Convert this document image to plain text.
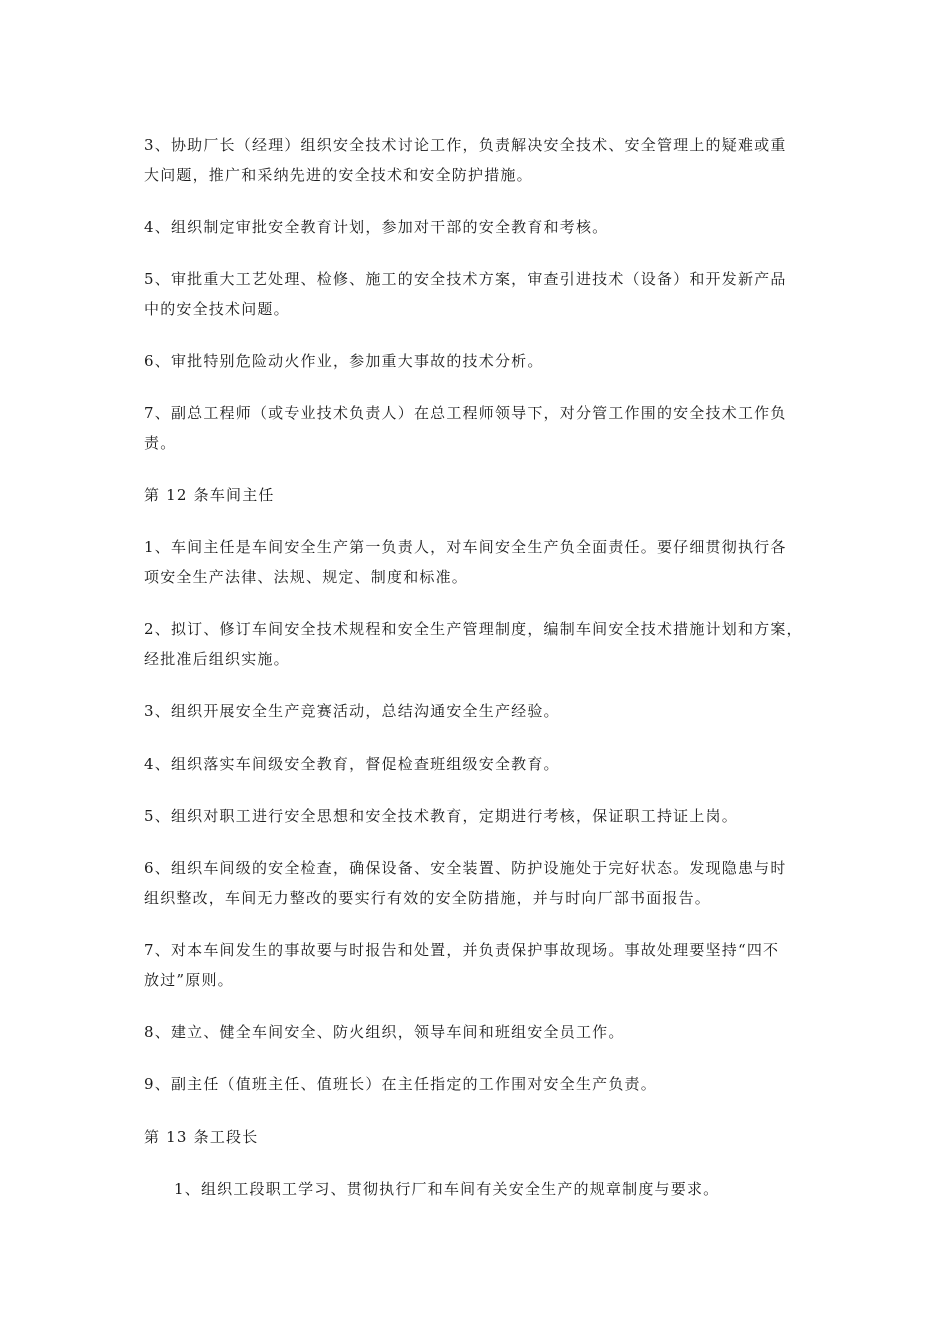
3、协助厂长（经理）组织安全技术讨论工作，负责解决安全技术、安全管理上的疑难或重
大问题，推广和采纳先进的安全技术和安全防护措施。

4、组织制定审批安全教育计划，参加对干部的安全教育和考核。

5、审批重大工艺处理、检修、施工的安全技术方案，审查引进技术（设备）和开发新产品
中的安全技术问题。

6、审批特别危险动火作业，参加重大事故的技术分析。

7、副总工程师（或专业技术负责人）在总工程师领导下，对分管工作围的安全技术工作负
责。

第 12 条车间主任

1、车间主任是车间安全生产第一负责人，对车间安全生产负全面责任。要仔细贯彻执行各
项安全生产法律、法规、规定、制度和标准。

2、拟订、修订车间安全技术规程和安全生产管理制度，编制车间安全技术措施计划和方案，
经批准后组织实施。

3、组织开展安全生产竞赛活动，总结沟通安全生产经验。

4、组织落实车间级安全教育，督促检查班组级安全教育。

5、组织对职工进行安全思想和安全技术教育，定期进行考核，保证职工持证上岗。

6、组织车间级的安全检查，确保设备、安全装置、防护设施处于完好状态。发现隐患与时
组织整改，车间无力整改的要实行有效的安全防措施，并与时向厂部书面报告。

7、对本车间发生的事故要与时报告和处置，并负责保护事故现场。事故处理要坚持“四不
放过”原则。

8、建立、健全车间安全、防火组织，领导车间和班组安全员工作。

9、副主任（值班主任、值班长）在主任指定的工作围对安全生产负责。

第 13 条工段长

1、组织工段职工学习、贯彻执行厂和车间有关安全生产的规章制度与要求。
